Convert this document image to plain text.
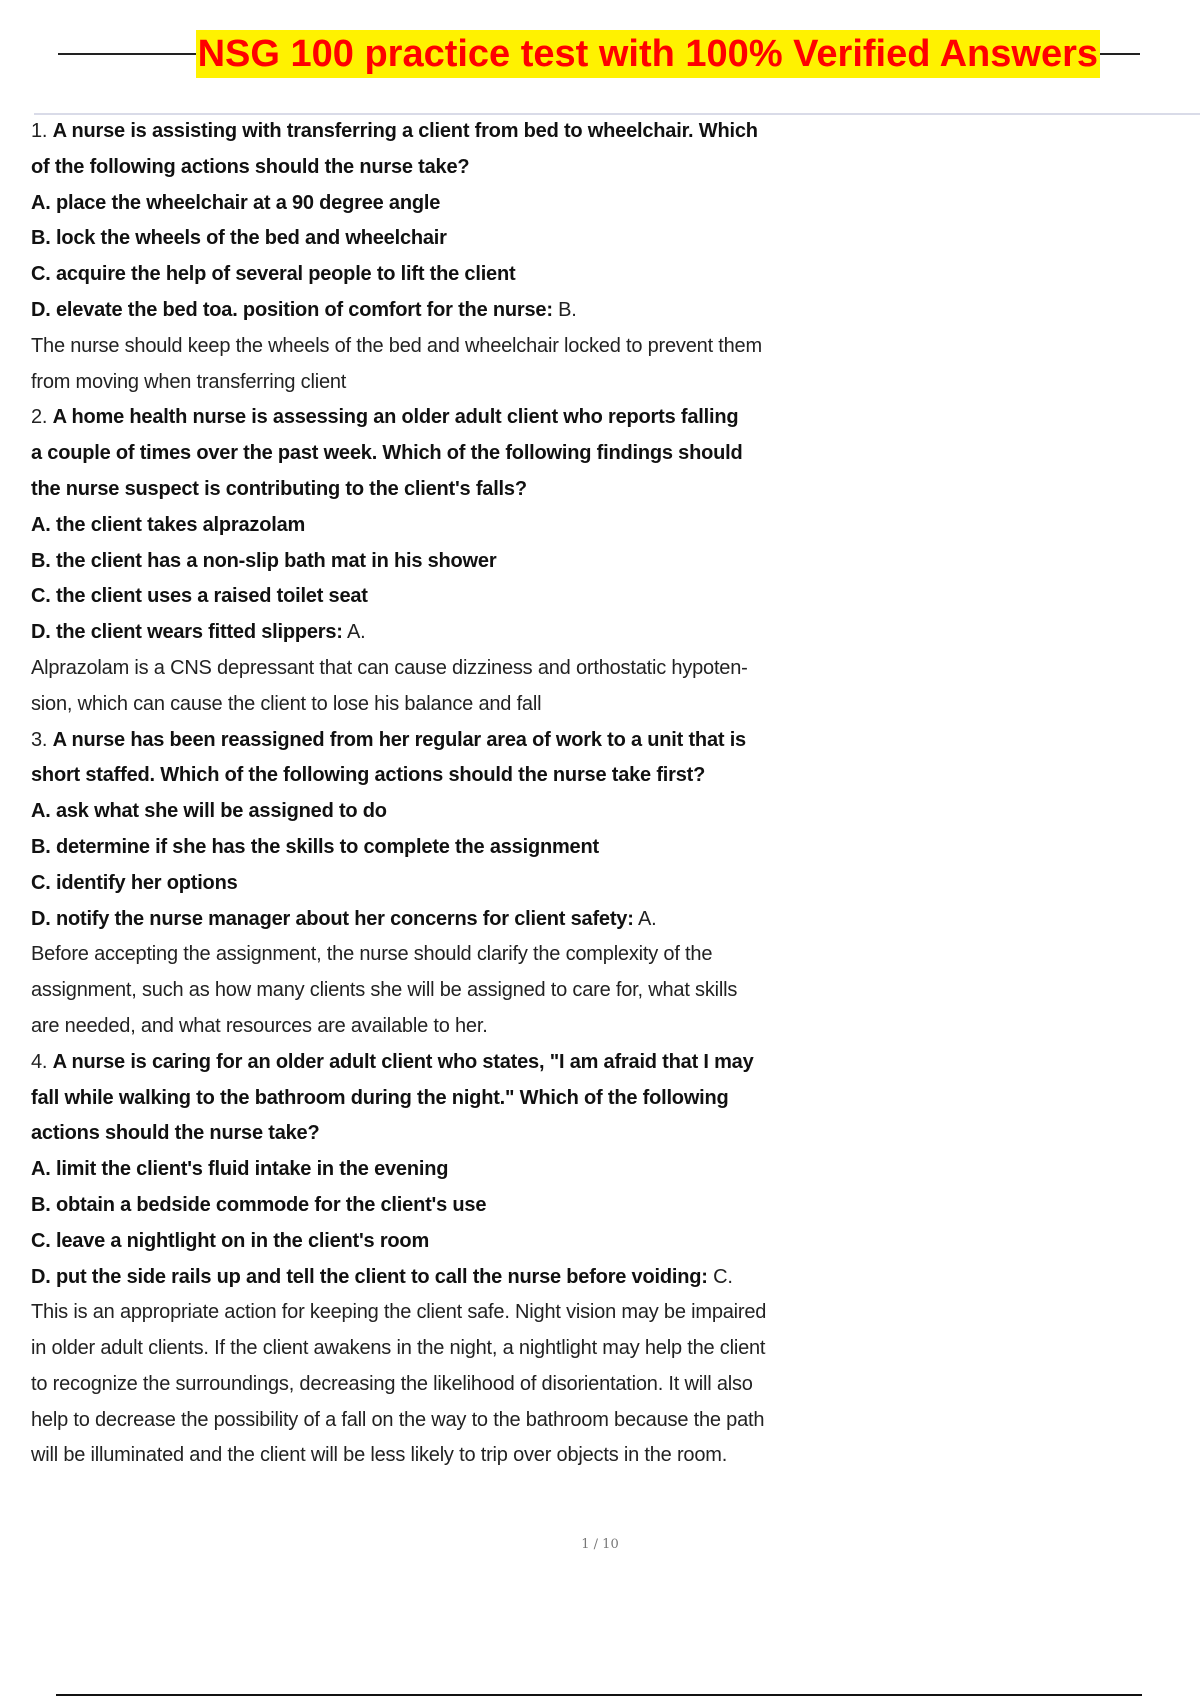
NSG 100 practice test with 100% Verified Answers
1. A nurse is assisting with transferring a client from bed to wheelchair. Which
of the following actions should the nurse take?
A. place the wheelchair at a 90 degree angle
B. lock the wheels of the bed and wheelchair
C. acquire the help of several people to lift the client
D. elevate the bed toa. position of comfort for the nurse: B.
The nurse should keep the wheels of the bed and wheelchair locked to prevent them
from moving when transferring client
2. A home health nurse is assessing an older adult client who reports falling
a couple of times over the past week. Which of the following findings should
the nurse suspect is contributing to the client's falls?
A. the client takes alprazolam
B. the client has a non-slip bath mat in his shower
C. the client uses a raised toilet seat
D. the client wears fitted slippers: A.
Alprazolam is a CNS depressant that can cause dizziness and orthostatic hypoten-
sion, which can cause the client to lose his balance and fall
3. A nurse has been reassigned from her regular area of work to a unit that is
short staffed. Which of the following actions should the nurse take first?
A. ask what she will be assigned to do
B. determine if she has the skills to complete the assignment
C. identify her options
D. notify the nurse manager about her concerns for client safety: A.
Before accepting the assignment, the nurse should clarify the complexity of the
assignment, such as how many clients she will be assigned to care for, what skills
are needed, and what resources are available to her.
4. A nurse is caring for an older adult client who states, "I am afraid that I may
fall while walking to the bathroom during the night." Which of the following
actions should the nurse take?
A. limit the client's fluid intake in the evening
B. obtain a bedside commode for the client's use
C. leave a nightlight on in the client's room
D. put the side rails up and tell the client to call the nurse before voiding: C.
This is an appropriate action for keeping the client safe. Night vision may be impaired
in older adult clients. If the client awakens in the night, a nightlight may help the client
to recognize the surroundings, decreasing the likelihood of disorientation. It will also
help to decrease the possibility of a fall on the way to the bathroom because the path
will be illuminated and the client will be less likely to trip over objects in the room.
1 / 10
